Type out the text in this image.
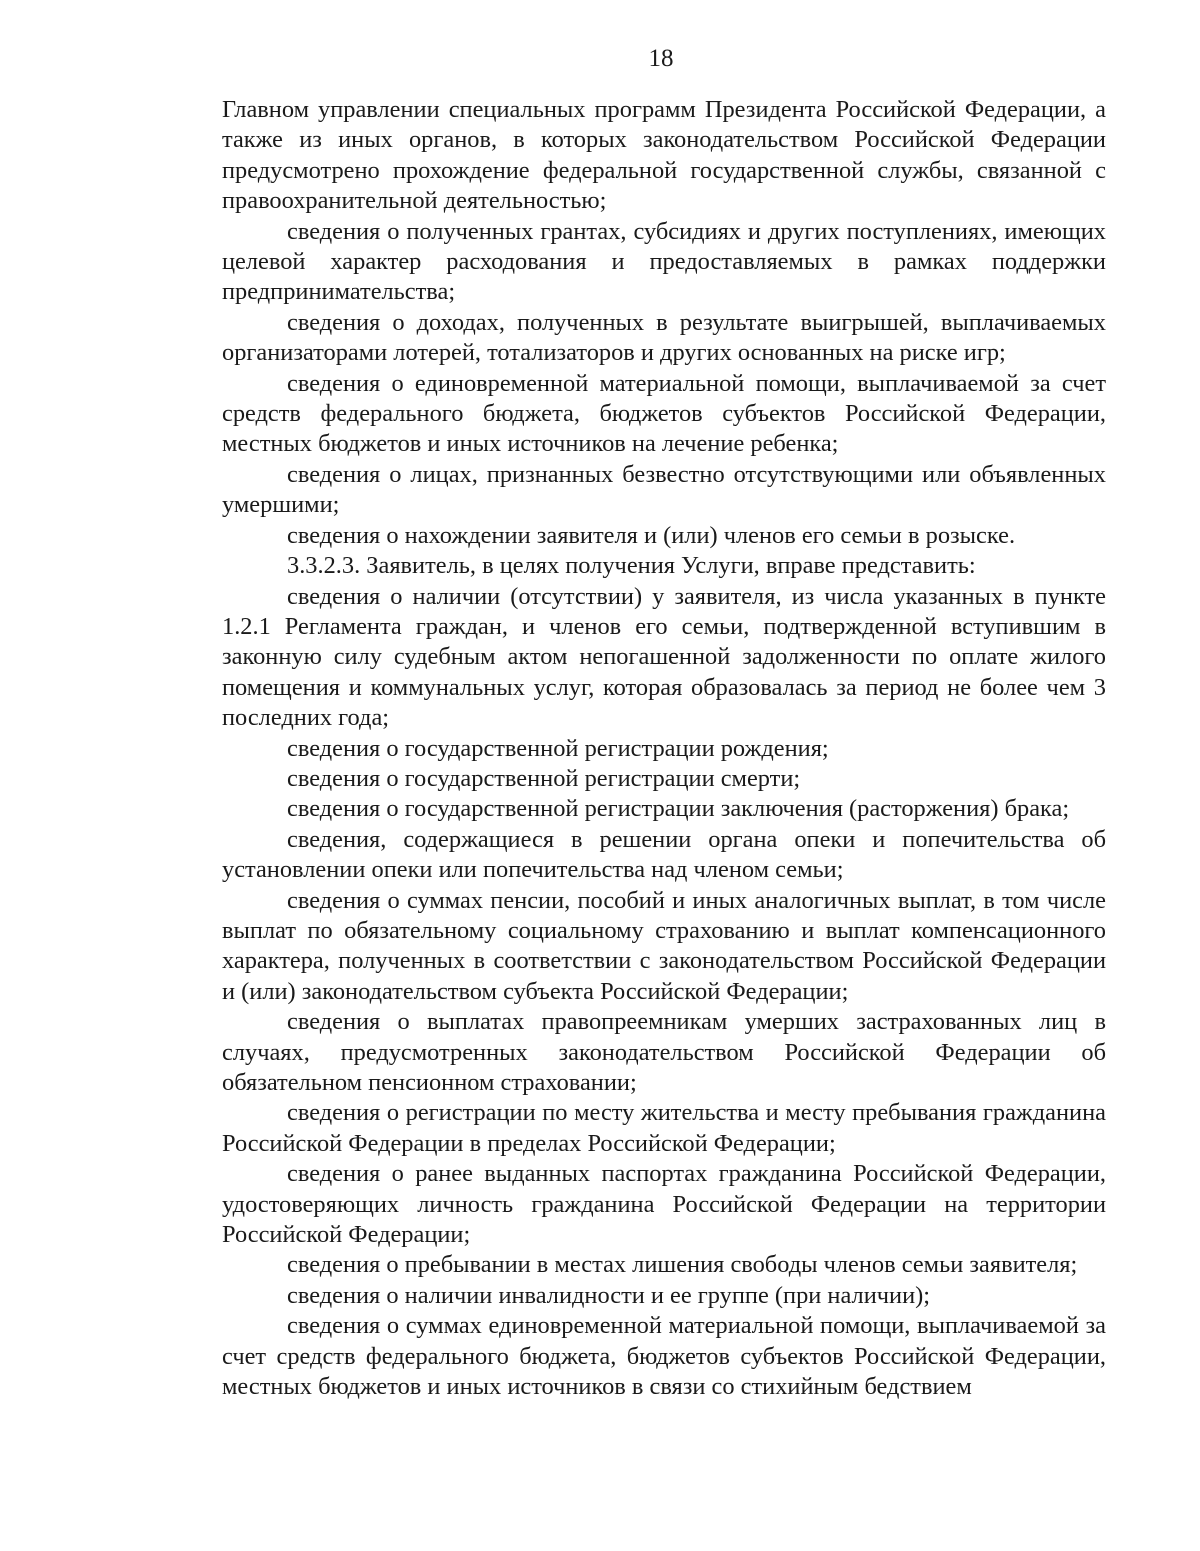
18

Главном управлении специальных программ Президента Российской Федерации, а также из иных органов, в которых законодательством Российской Федерации предусмотрено прохождение федеральной государственной службы, связанной с правоохранительной деятельностью;

сведения о полученных грантах, субсидиях и других поступлениях, имеющих целевой характер расходования и предоставляемых в рамках поддержки предпринимательства;

сведения о доходах, полученных в результате выигрышей, выплачиваемых организаторами лотерей, тотализаторов и других основанных на риске игр;

сведения о единовременной материальной помощи, выплачиваемой за счет средств федерального бюджета, бюджетов субъектов Российской Федерации, местных бюджетов и иных источников на лечение ребенка;

сведения о лицах, признанных безвестно отсутствующими или объявленных умершими;

сведения о нахождении заявителя и (или) членов его семьи в розыске.

3.3.2.3. Заявитель, в целях получения Услуги, вправе представить:

сведения о наличии (отсутствии) у заявителя, из числа указанных в пункте 1.2.1 Регламента граждан, и членов его семьи, подтвержденной вступившим в законную силу судебным актом непогашенной задолженности по оплате жилого помещения и коммунальных услуг, которая образовалась за период не более чем 3 последних года;

сведения о государственной регистрации рождения;

сведения о государственной регистрации смерти;

сведения о государственной регистрации заключения (расторжения) брака;

сведения, содержащиеся в решении органа опеки и попечительства об установлении опеки или попечительства над членом семьи;

сведения о суммах пенсии, пособий и иных аналогичных выплат, в том числе выплат по обязательному социальному страхованию и выплат компенсационного характера, полученных в соответствии с законодательством Российской Федерации и (или) законодательством субъекта Российской Федерации;

сведения о выплатах правопреемникам умерших застрахованных лиц в случаях, предусмотренных законодательством Российской Федерации об обязательном пенсионном страховании;

сведения о регистрации по месту жительства и месту пребывания гражданина Российской Федерации в пределах Российской Федерации;

сведения о ранее выданных паспортах гражданина Российской Федерации, удостоверяющих личность гражданина Российской Федерации на территории Российской Федерации;

сведения о пребывании в местах лишения свободы членов семьи заявителя;

сведения о наличии инвалидности и ее группе (при наличии);

сведения о суммах единовременной материальной помощи, выплачиваемой за счет средств федерального бюджета, бюджетов субъектов Российской Федерации, местных бюджетов и иных источников в связи со стихийным бедствием
